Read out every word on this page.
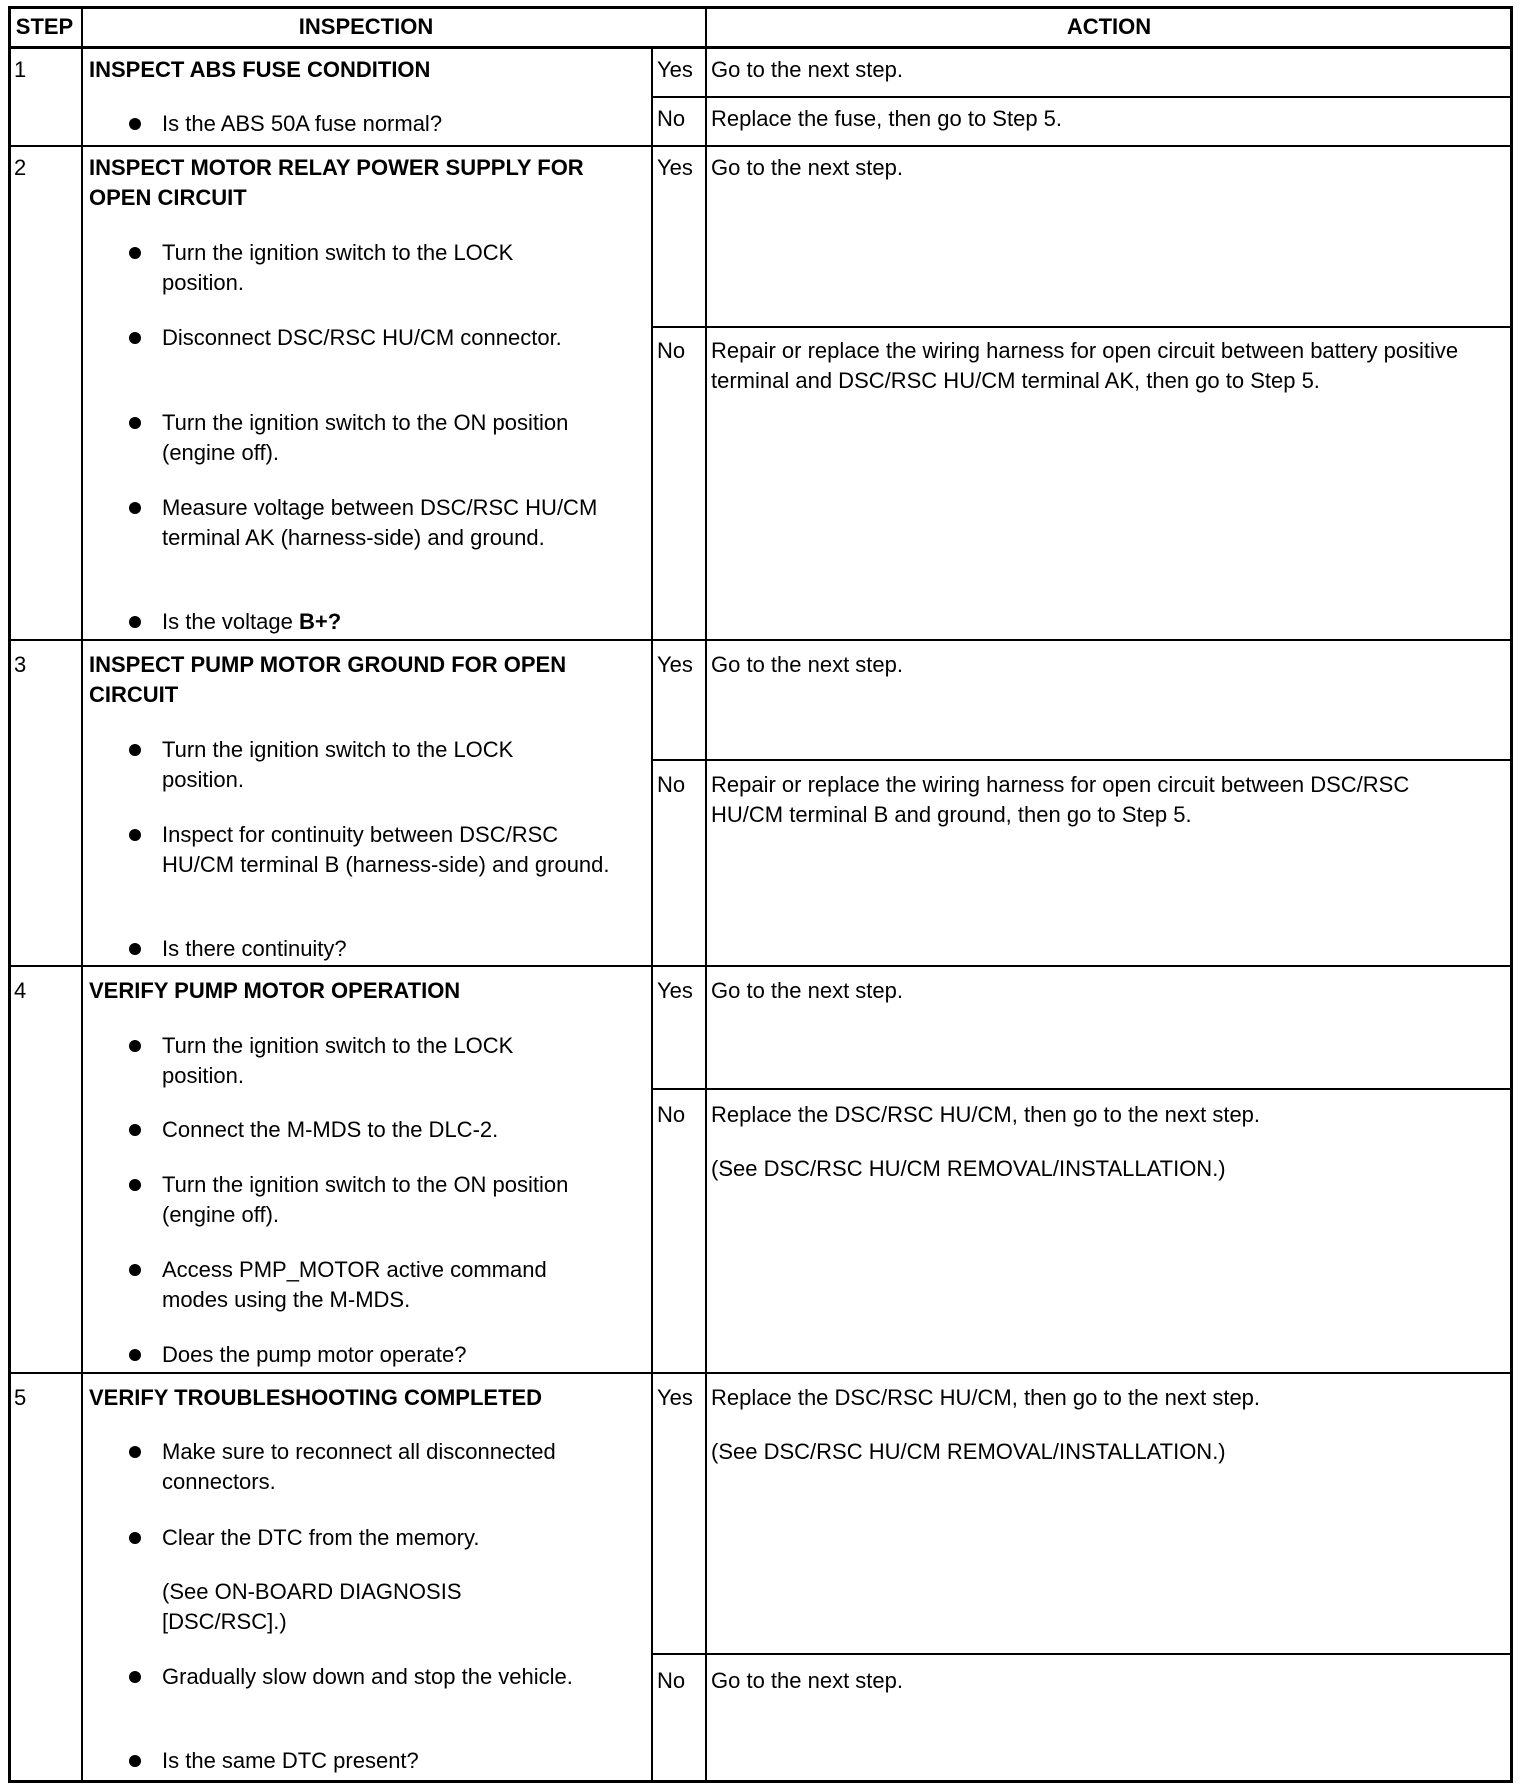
STEP	INSPECTION	ACTION
1	INSPECT ABS FUSE CONDITION
Is the ABS 50A fuse normal?
Yes Go to the next step.
No	Replace the fuse, then go to Step 5.
2	INSPECT MOTOR RELAY POWER SUPPLY FOR OPEN CIRCUIT
Turn the ignition switch to the LOCK position.
Disconnect DSC/RSC HU/CM connector.
Turn the ignition switch to the ON position (engine off).
Measure voltage between DSC/RSC HU/CM terminal AK (harness-side) and ground.
Is the voltage B+?
Yes Go to the next step.
No	Repair or replace the wiring harness for open circuit between battery positive terminal and DSC/RSC HU/CM terminal AK, then go to Step 5.
3	INSPECT PUMP MOTOR GROUND FOR OPEN CIRCUIT
Turn the ignition switch to the LOCK position.
Inspect for continuity between DSC/RSC HU/CM terminal B (harness-side) and ground.
Is there continuity?
Yes Go to the next step.
No	Repair or replace the wiring harness for open circuit between DSC/RSC HU/CM terminal B and ground, then go to Step 5.
4	VERIFY PUMP MOTOR OPERATION
Turn the ignition switch to the LOCK position.
Connect the M-MDS to the DLC-2.
Turn the ignition switch to the ON position (engine off).
Access PMP_MOTOR active command modes using the M-MDS.
Does the pump motor operate?
Yes Go to the next step.
No	Replace the DSC/RSC HU/CM, then go to the next step.
(See DSC/RSC HU/CM REMOVAL/INSTALLATION.)
5	VERIFY TROUBLESHOOTING COMPLETED
Make sure to reconnect all disconnected connectors.
Clear the DTC from the memory.
(See ON-BOARD DIAGNOSIS [DSC/RSC].)
Gradually slow down and stop the vehicle.
Is the same DTC present?
Yes Replace the DSC/RSC HU/CM, then go to the next step.
(See DSC/RSC HU/CM REMOVAL/INSTALLATION.)
No	Go to the next step.
